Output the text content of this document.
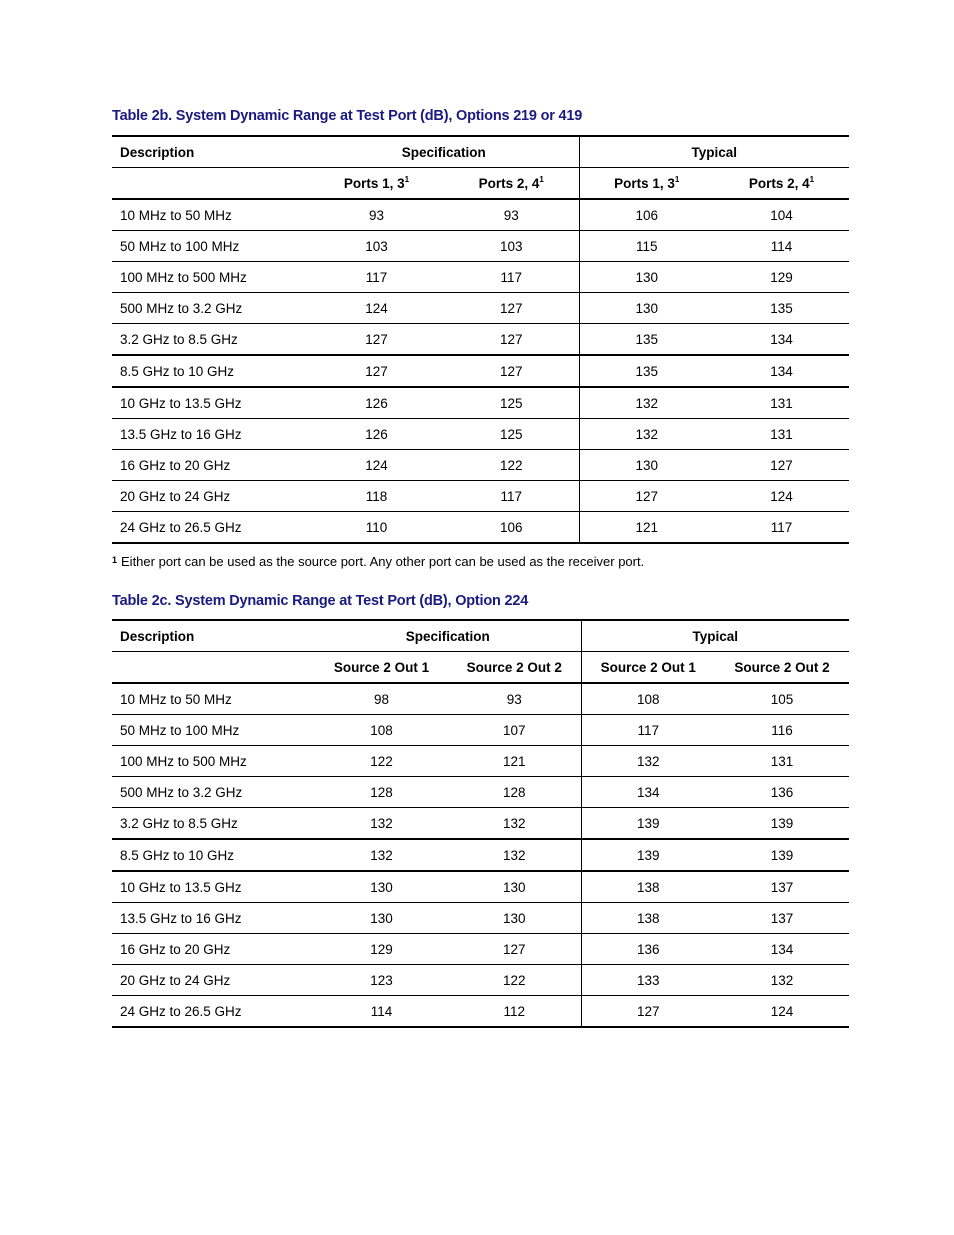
Table 2b. System Dynamic Range at Test Port (dB), Options 219 or 419
Description	Specification		Typical	
	Ports 1, $3^1$	Ports 2, $4^1$	Ports 1, $3^1$	Ports 2, $4^1$
10 MHz to 50 MHz	93	93	106	104
50 MHz to 100 MHz	103	103	115	114
100 MHz to 500 MHz	117	117	130	129
500 MHz to 3.2 GHz	124	127	130	135
3.2 GHz to 8.5 GHz	127	127	135	134
8.5 GHz to 10 GHz	127	127	135	134
10 GHz to 13.5 GHz	126	125	132	131
13.5 GHz to 16 GHz	126	125	132	131
16 GHz to 20 GHz	124	122	130	127
20 GHz to 24 GHz	118	117	127	124
24 GHz to 26.5 GHz	110	106	121	117
$^1$ Either port can be used as the source port. Any other port can be used as the receiver port.
Table 2c. System Dynamic Range at Test Port (dB), Option 224
Description	Specification		Typical	
	Source 2 Out 1	Source 2 Out 2	Source 2 Out 1	Source 2 Out 2
10 MHz to 50 MHz	98	93	108	105
50 MHz to 100 MHz	108	107	117	116
100 MHz to 500 MHz	122	121	132	131
500 MHz to 3.2 GHz	128	128	134	136
3.2 GHz to 8.5 GHz	132	132	139	139
8.5 GHz to 10 GHz	132	132	139	139
10 GHz to 13.5 GHz	130	130	138	137
13.5 GHz to 16 GHz	130	130	138	137
16 GHz to 20 GHz	129	127	136	134
20 GHz to 24 GHz	123	122	133	132
24 GHz to 26.5 GHz	114	112	127	124
